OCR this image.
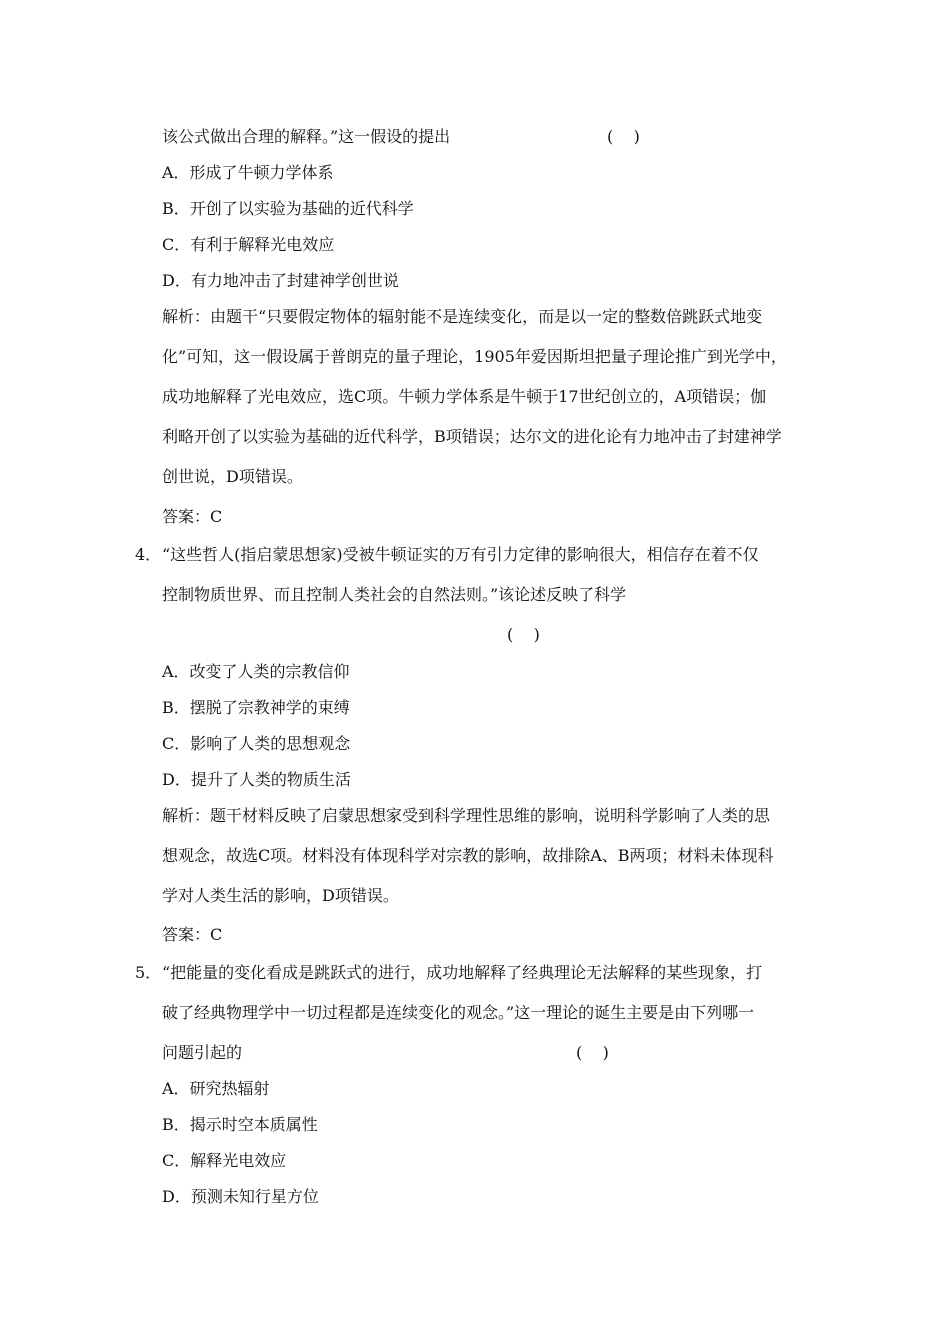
该公式做出合理的解释。”这一假设的提出	(    )
A．形成了牛顿力学体系
B．开创了以实验为基础的近代科学
C．有利于解释光电效应
D．有力地冲击了封建神学创世说
解析：由题干“只要假定物体的辐射能不是连续变化，而是以一定的整数倍跳跃式地变
化”可知，这一假设属于普朗克的量子理论，1905年爱因斯坦把量子理论推广到光学中，
成功地解释了光电效应，选C项。牛顿力学体系是牛顿于17世纪创立的，A项错误；伽
利略开创了以实验为基础的近代科学，B项错误；达尔文的进化论有力地冲击了封建神学
创世说，D项错误。
答案：C
4． “这些哲人(指启蒙思想家)受被牛顿证实的万有引力定律的影响很大，相信存在着不仅
控制物质世界、而且控制人类社会的自然法则。”该论述反映了科学
(    )
A．改变了人类的宗教信仰
B．摆脱了宗教神学的束缚
C．影响了人类的思想观念
D．提升了人类的物质生活
解析：题干材料反映了启蒙思想家受到科学理性思维的影响，说明科学影响了人类的思
想观念，故选C项。材料没有体现科学对宗教的影响，故排除A、B两项；材料未体现科
学对人类生活的影响，D项错误。
答案：C
5． “把能量的变化看成是跳跃式的进行，成功地解释了经典理论无法解释的某些现象，打
破了经典物理学中一切过程都是连续变化的观念。”这一理论的诞生主要是由下列哪一
问题引起的	(    )
A．研究热辐射
B．揭示时空本质属性
C．解释光电效应
D．预测未知行星方位
